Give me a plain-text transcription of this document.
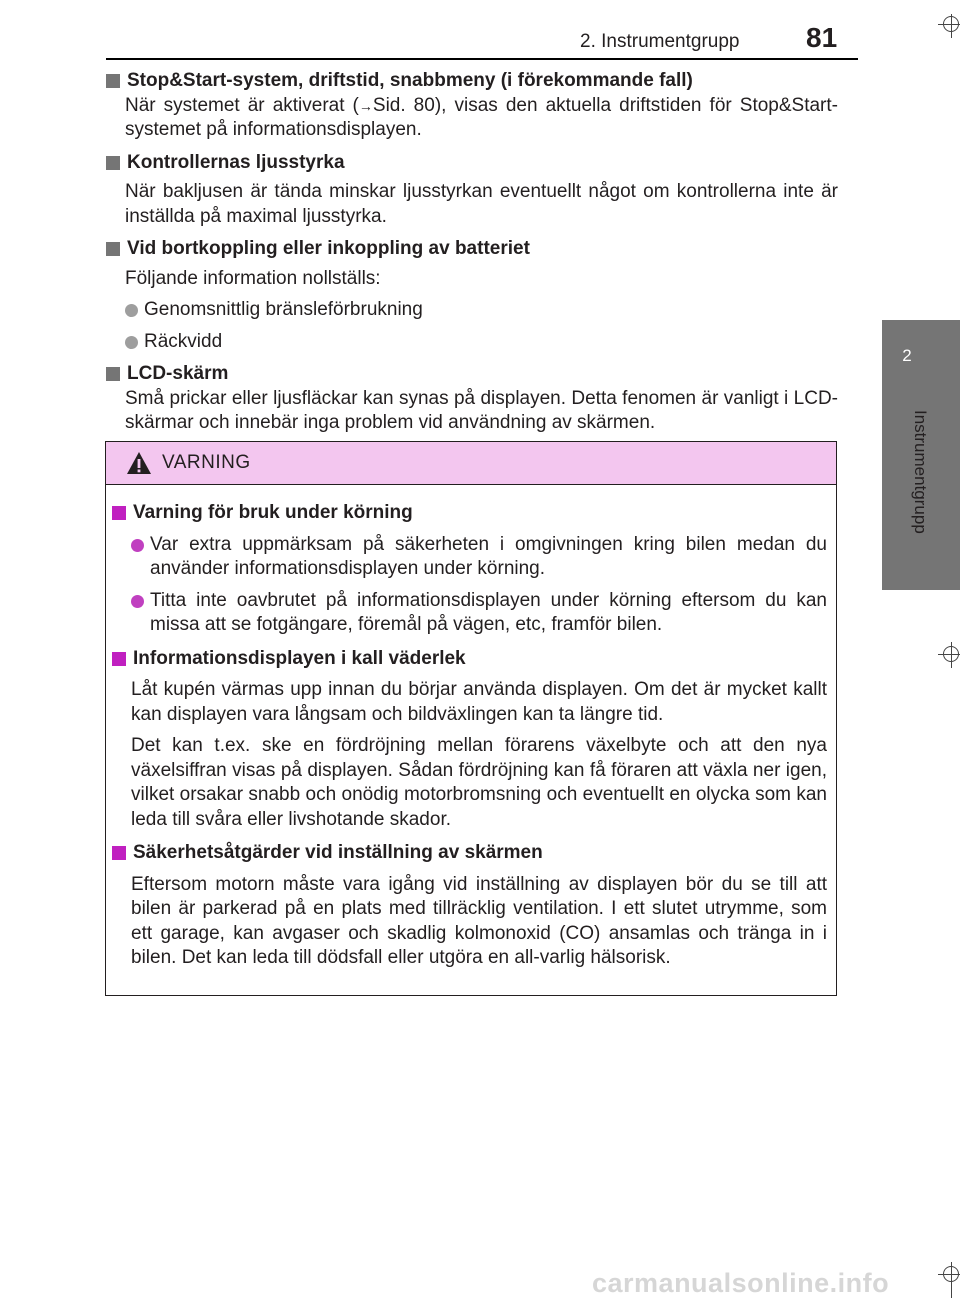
2. Instrumentgrupp 81
2
Instrumentgrupp
Stop&Start-system, driftstid, snabbmeny (i förekommande fall)
När systemet är aktiverat (→Sid. 80), visas den aktuella driftstiden för Stop&Start-systemet på informationsdisplayen.
Kontrollernas ljusstyrka
När bakljusen är tända minskar ljusstyrkan eventuellt något om kontrollerna inte är inställda på maximal ljusstyrka.
Vid bortkoppling eller inkoppling av batteriet
Följande information nollställs:
Genomsnittlig bränsleförbrukning
Räckvidd
LCD-skärm
Små prickar eller ljusfläckar kan synas på displayen. Detta fenomen är vanligt i LCD-skärmar och innebär inga problem vid användning av skärmen.
VARNING
Varning för bruk under körning
Var extra uppmärksam på säkerheten i omgivningen kring bilen medan du använder informationsdisplayen under körning.
Titta inte oavbrutet på informationsdisplayen under körning eftersom du kan missa att se fotgängare, föremål på vägen, etc, framför bilen.
Informationsdisplayen i kall väderlek
Låt kupén värmas upp innan du börjar använda displayen. Om det är mycket kallt kan displayen vara långsam och bildväxlingen kan ta längre tid.
Det kan t.ex. ske en fördröjning mellan förarens växelbyte och att den nya växelsiffran visas på displayen. Sådan fördröjning kan få föraren att växla ner igen, vilket orsakar snabb och onödig motorbromsning och eventuellt en olycka som kan leda till svåra eller livshotande skador.
Säkerhetsåtgärder vid inställning av skärmen
Eftersom motorn måste vara igång vid inställning av displayen bör du se till att bilen är parkerad på en plats med tillräcklig ventilation. I ett slutet utrymme, som ett garage, kan avgaser och skadlig kolmonoxid (CO) ansamlas och tränga in i bilen. Det kan leda till dödsfall eller utgöra en all-varlig hälsorisk.
carmanualsonline.info
